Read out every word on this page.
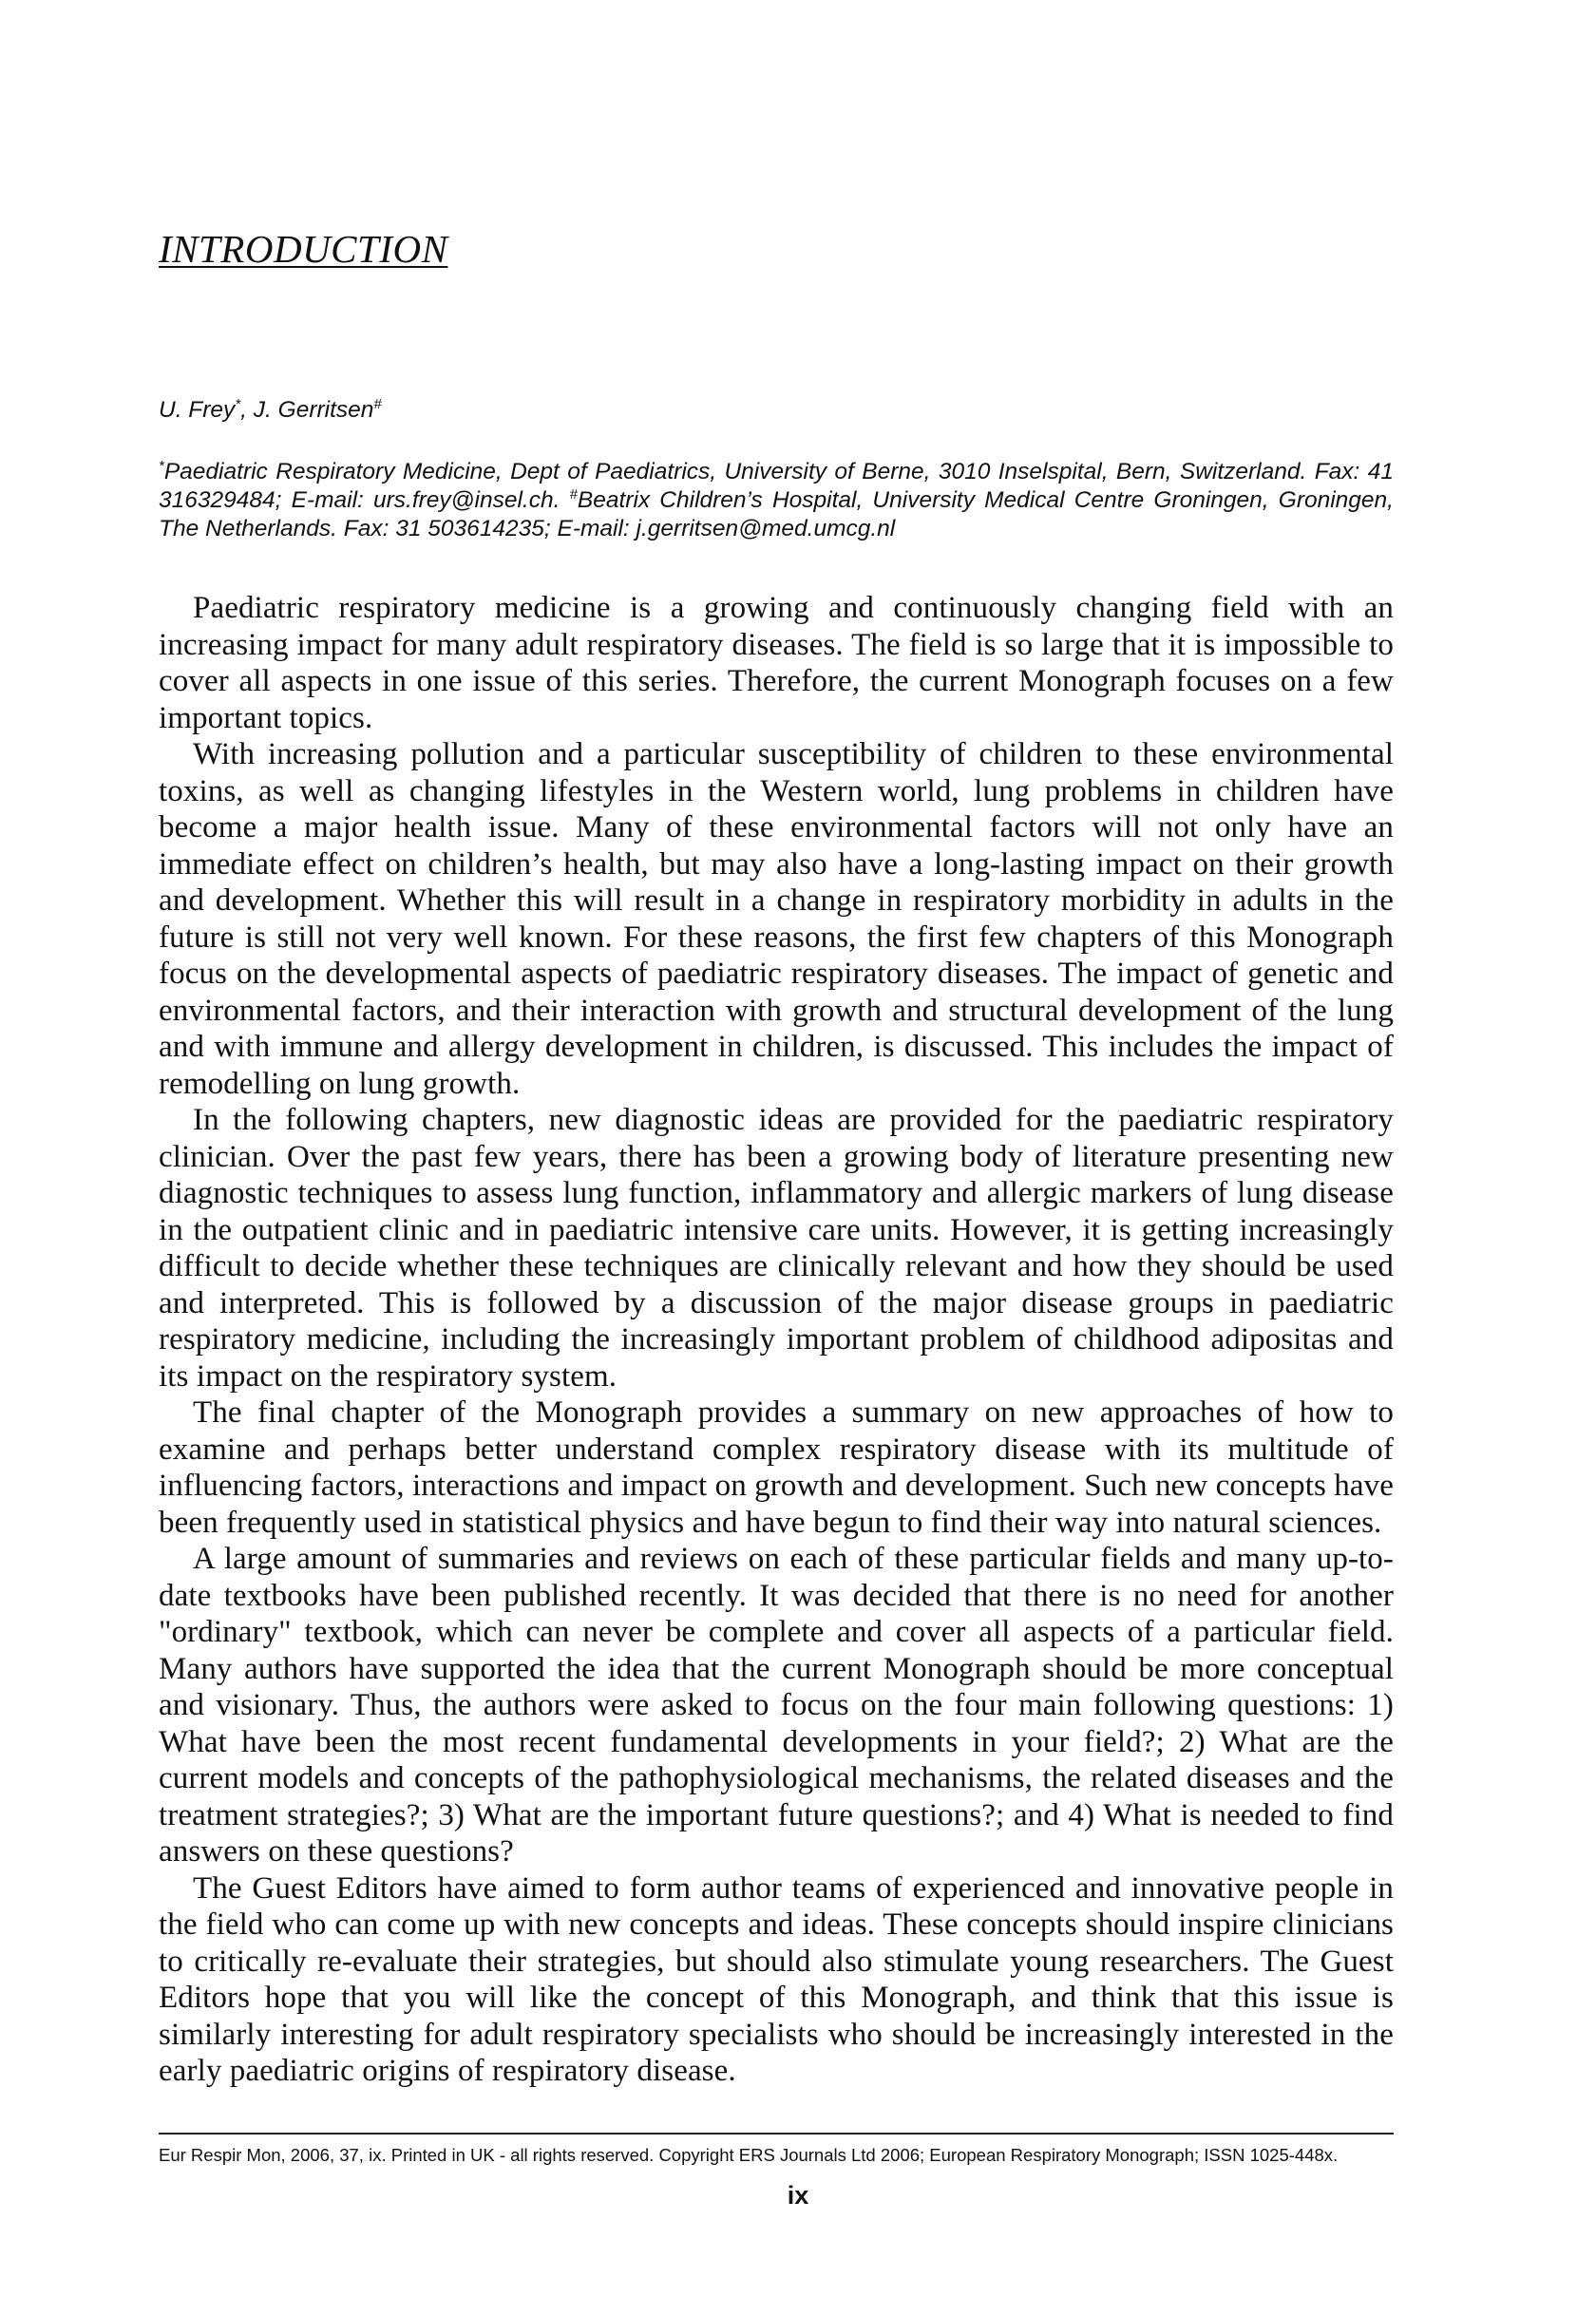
INTRODUCTION
U. Frey*, J. Gerritsen#
*Paediatric Respiratory Medicine, Dept of Paediatrics, University of Berne, 3010 Inselspital, Bern, Switzerland. Fax: 41 316329484; E-mail: urs.frey@insel.ch. #Beatrix Children’s Hospital, University Medical Centre Groningen, Groningen, The Netherlands. Fax: 31 503614235; E-mail: j.gerritsen@med.umcg.nl

Paediatric respiratory medicine is a growing and continuously changing field with an increasing impact for many adult respiratory diseases. The field is so large that it is impossible to cover all aspects in one issue of this series. Therefore, the current Monograph focuses on a few important topics.

With increasing pollution and a particular susceptibility of children to these environmental toxins, as well as changing lifestyles in the Western world, lung problems in children have become a major health issue. Many of these environmental factors will not only have an immediate effect on children’s health, but may also have a long-lasting impact on their growth and development. Whether this will result in a change in respiratory morbidity in adults in the future is still not very well known. For these reasons, the first few chapters of this Monograph focus on the developmental aspects of paediatric respiratory diseases. The impact of genetic and environmental factors, and their interaction with growth and structural development of the lung and with immune and allergy development in children, is discussed. This includes the impact of remodelling on lung growth.

In the following chapters, new diagnostic ideas are provided for the paediatric respiratory clinician. Over the past few years, there has been a growing body of literature presenting new diagnostic techniques to assess lung function, inflammatory and allergic markers of lung disease in the outpatient clinic and in paediatric intensive care units. However, it is getting increasingly difficult to decide whether these techniques are clinically relevant and how they should be used and interpreted. This is followed by a discussion of the major disease groups in paediatric respiratory medicine, including the increasingly important problem of childhood adipositas and its impact on the respiratory system.

The final chapter of the Monograph provides a summary on new approaches of how to examine and perhaps better understand complex respiratory disease with its multitude of influencing factors, interactions and impact on growth and development. Such new concepts have been frequently used in statistical physics and have begun to find their way into natural sciences.

A large amount of summaries and reviews on each of these particular fields and many up-to-date textbooks have been published recently. It was decided that there is no need for another "ordinary" textbook, which can never be complete and cover all aspects of a particular field. Many authors have supported the idea that the current Monograph should be more conceptual and visionary. Thus, the authors were asked to focus on the four main following questions: 1) What have been the most recent fundamental developments in your field?; 2) What are the current models and concepts of the pathophysiological mechanisms, the related diseases and the treatment strategies?; 3) What are the important future questions?; and 4) What is needed to find answers on these questions?

The Guest Editors have aimed to form author teams of experienced and innovative people in the field who can come up with new concepts and ideas. These concepts should inspire clinicians to critically re-evaluate their strategies, but should also stimulate young researchers. The Guest Editors hope that you will like the concept of this Monograph, and think that this issue is similarly interesting for adult respiratory specialists who should be increasingly interested in the early paediatric origins of respiratory disease.

Eur Respir Mon, 2006, 37, ix. Printed in UK - all rights reserved. Copyright ERS Journals Ltd 2006; European Respiratory Monograph; ISSN 1025-448x.
ix
